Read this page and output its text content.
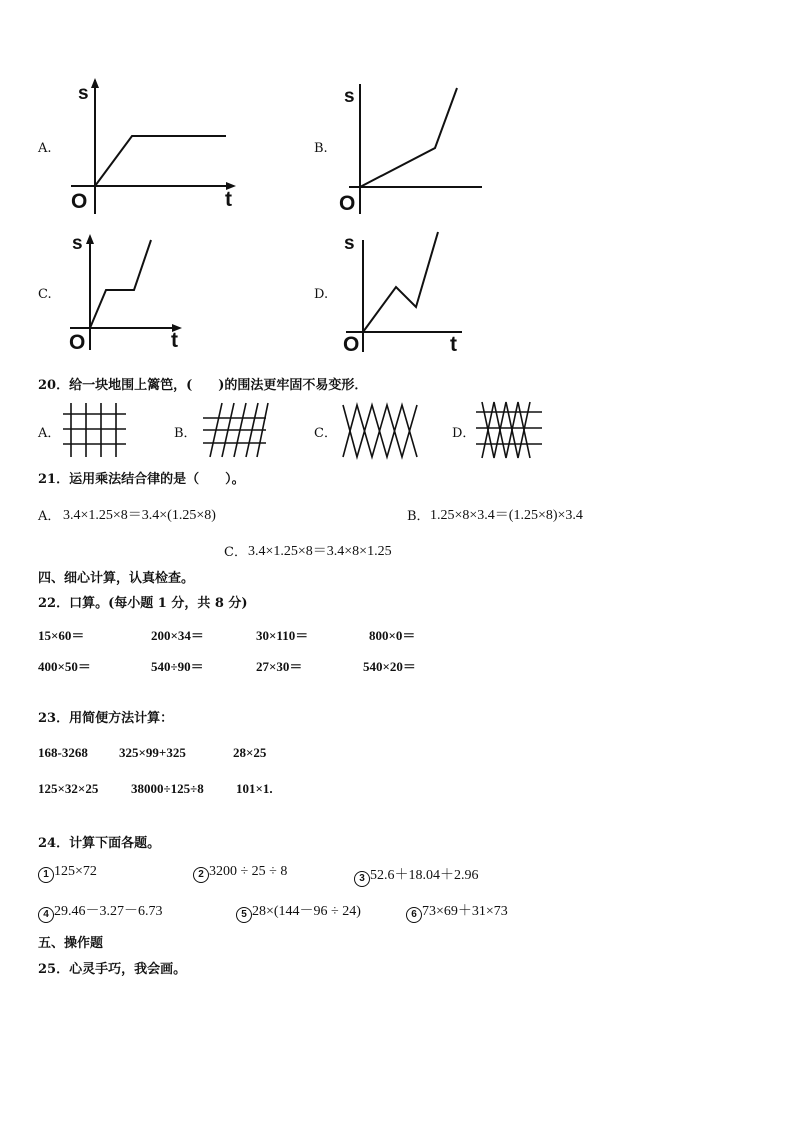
A.
s
O	t
B.
s
O
C.
s
O	t
D.
s
O	t
20．给一块地围上篱笆，(　　)的围法更牢固不易变形．
A．	B．	C．	D．
21．运用乘法结合律的是（　　）。
A． 3.4×1.25×8＝3.4×(1.25×8)	B． 1.25×8×3.4＝(1.25×8)×3.4
C． 3.4×1.25×8＝3.4×8×1.25
四、细心计算，认真检查。
22．口算。(每小题 1 分，共 8 分)
15×60＝	200×34＝	30×110＝	800×0＝
400×50＝	540÷90＝	27×30＝	540×20＝
23．用简便方法计算：
168-3268 325×99+325	28×25
125×32×25	38000÷125÷8 101×1.
24．计算下面各题。
1 125×72	2 3200 ÷ 25 ÷ 8	3 52.6＋18.04＋2.96
4 29.46－3.27－6.73	5 28×(144－96 ÷ 24)	6 73×69＋31×73
五、操作题
25．心灵手巧，我会画。
